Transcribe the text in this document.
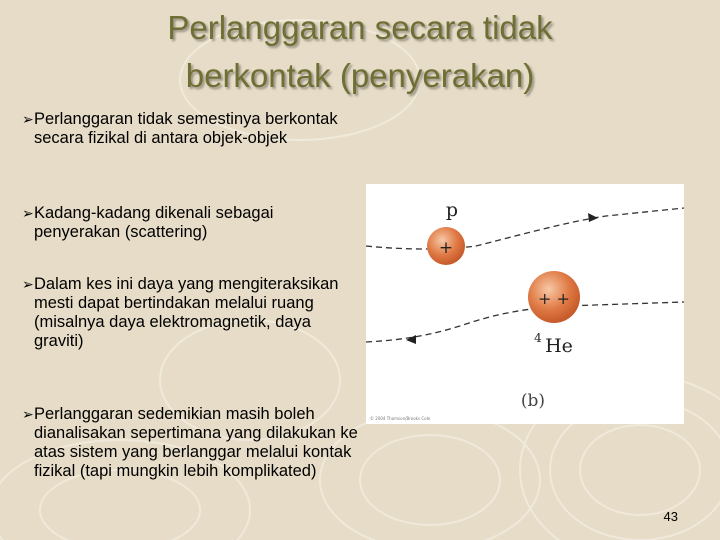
Perlanggaran secara tidak
berkontak (penyerakan)
➢ Perlanggaran tidak semestinya berkontak secara fizikal di antara objek-objek
➢ Kadang-kadang dikenali sebagai penyerakan (scattering)
➢ Dalam kes ini daya yang mengiteraksikan mesti dapat bertindakan melalui ruang (misalnya daya elektromagnetik, daya graviti)
➢ Perlanggaran sedemikian masih boleh dianalisakan sepertimana yang dilakukan ke atas sistem yang berlanggar melalui kontak fizikal (tapi mungkin lebih komplikated)
+
p
+ +
4 He
(b)
© 2004 Thomson/Brooks Cole
43
